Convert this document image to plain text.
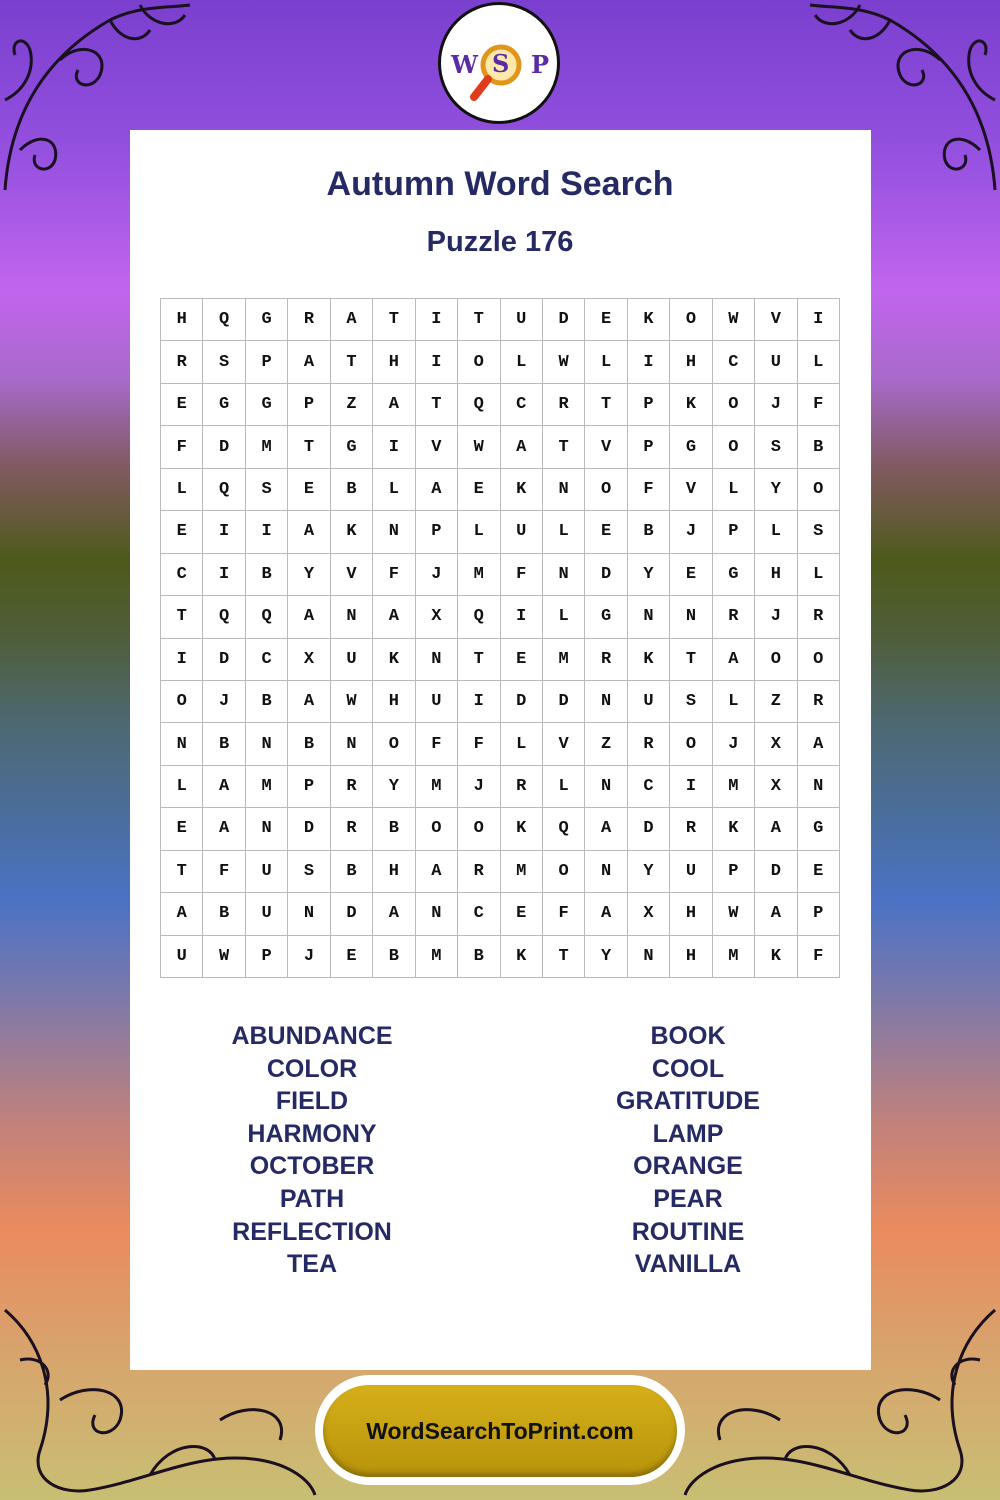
W S P
Autumn Word Search
Puzzle 176
H	Q	G	R	A	T	I	T	U	D	E	K	O	W	V	I
R	S	P	A	T	H	I	O	L	W	L	I	H	C	U	L
E	G	G	P	Z	A	T	Q	C	R	T	P	K	O	J	F
F	D	M	T	G	I	V	W	A	T	V	P	G	O	S	B
L	Q	S	E	B	L	A	E	K	N	O	F	V	L	Y	O
E	I	I	A	K	N	P	L	U	L	E	B	J	P	L	S
C	I	B	Y	V	F	J	M	F	N	D	Y	E	G	H	L
T	Q	Q	A	N	A	X	Q	I	L	G	N	N	R	J	R
I	D	C	X	U	K	N	T	E	M	R	K	T	A	O	O
O	J	B	A	W	H	U	I	D	D	N	U	S	L	Z	R
N	B	N	B	N	O	F	F	L	V	Z	R	O	J	X	A
L	A	M	P	R	Y	M	J	R	L	N	C	I	M	X	N
E	A	N	D	R	B	O	O	K	Q	A	D	R	K	A	G
T	F	U	S	B	H	A	R	M	O	N	Y	U	P	D	E
A	B	U	N	D	A	N	C	E	F	A	X	H	W	A	P
U	W	P	J	E	B	M	B	K	T	Y	N	H	M	K	F
ABUNDANCE
COLOR
FIELD
HARMONY
OCTOBER
PATH
REFLECTION
TEA
BOOK
COOL
GRATITUDE
LAMP
ORANGE
PEAR
ROUTINE
VANILLA
WordSearchToPrint.com
